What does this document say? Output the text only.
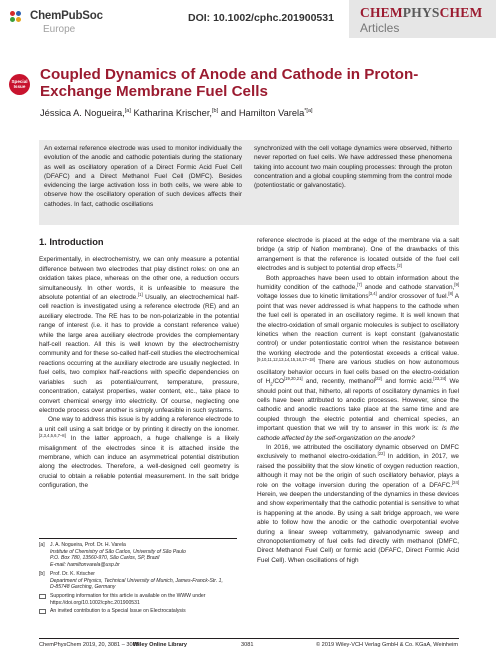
ChemPubSoc
Europe
DOI: 10.1002/cphc.201900531 CHEMPHYSCHEM
Articles
Special Issue
Coupled Dynamics of Anode and Cathode in Proton-Exchange Membrane Fuel Cells
Jéssica A. Nogueira,[a] Katharina Krischer,[b] and Hamilton Varela$^{*[a]}$
An external reference electrode was used to monitor individually the evolution of the anodic and cathodic potentials during the stationary as well as oscillatory operation of a Direct Formic Acid Fuel Cell (DFAFC) and a Direct Methanol Fuel Cell (DMFC). Besides evidencing the large activation loss in both cells, we were able to observe how the oscillatory operation of such devices affects their cathodes. In fact, cathodic oscillations
synchronized with the cell voltage dynamics were observed, hitherto never reported on fuel cells. We have addressed these phenomena taking into account two main coupling processes: through the proton concentration and a global coupling stemming from the control mode (potentiostatic or galvanostatic).
1. Introduction

Experimentally, in electrochemistry, we can only measure a potential difference between two electrodes that play distinct roles: on one an oxidation takes place, whereas on the other one, a reduction occurs simultaneously. In other words, it is unfeasible to measure the absolute potential of an electrode.[1] Usually, an electrochemical half-cell reaction is investigated using a reference electrode (RE) and an auxiliary electrode. The RE has to be non-polarizable in the potential range of interest (i.e. it has to provide a constant reference value) while the large area auxiliary electrode provides the complementary half-cell reaction. All this is well known by the electrochemistry community and for these so-called half-cell studies the electrochemical reactions occurring at the auxiliary electrode are usually neglected. In fuel cells, two complex half-reactions with specific dependencies on variables such as potential/current, temperature, pressure, concentration, catalyst properties, water content, etc., take place to convert chemical energy into electricity. Of course, neglecting one electrode process over another is simply unfeasible in such systems.

One way to address this issue is by adding a reference electrode to a unit cell using a salt bridge or by printing it directly on the ionomer.[2,3,4,5,6,7–8] In the latter approach, a huge challenge is a likely misalignment of the electrodes since it is attached inside the membrane, which can induce an asymmetrical potential distribution along the electrodes. Therefore, a well-designed cell geometry is crucial to obtain a reliable potential measurement. In the salt bridge configuration, the

reference electrode is placed at the edge of the membrane via a salt bridge (a strip of Nafion membrane). One of the drawbacks of this arrangement is that the reference is located outside of the fuel cell electrodes and is subject to potential drop effects.[2]

Both approaches have been used to obtain information about the humidity condition of the cathode,[7] anode and cathode starvation,[9] voltage losses due to kinetic limitations[3,4] and/or crossover of fuel.[8] A point that was never addressed is what happens to the cathode when the fuel cell is operated in an oscillatory regime. It is well known that the electro-oxidation of small organic molecules is subject to oscillatory kinetics when the reaction current is kept constant (galvanostatic control) or under potentiostatic control when the resistance between the working electrode and the potentiostat exceeds a critical value.[9,10,11,12,13,14,15,16,17–18] There are various studies on how autonomous oscillatory behavior occurs in fuel cells based on the electro-oxidation of $H_2/CO[19,20,21]$ and, recently, methanol[22] and formic acid.[23,24] We should point out that, hitherto, all reports of oscillatory dynamics in fuel cells have been attributed to anodic processes. However, since the cathodic and anodic reactions take place at the same time and are coupled through the electric potential and chemical species, an important question that we will try to answer in this work is: Is the cathode affected by the self-organization on the anode?

In 2016, we attributed the oscillatory dynamic observed on DMFC exclusively to methanol electro-oxidation.[22] In addition, in 2017, we raised the possibility that the slow kinetic of oxygen reduction reaction, although it may not be the origin of such oscillatory behavior, plays a role on the voltage inversion during the operation of a DFAFC.[24] Herein, we deepen the understanding of the dynamics in these devices and show experimentally that the cathodic potential is sensitive to what is happening at the anode. By using a salt bridge approach, we were able to follow how the anodic or the cathodic overpotential evolve during a linear sweep voltammetry, galvanodynamic sweep and chronopotentiometry of fuel cells fed directly with methanol (DMFC, Direct Methanol Fuel Cell) or formic acid (DFAFC, Direct Formic Acid Fuel Cell). When oscillations of high

[a] J. A. Nogueira, Prof. Dr. H. Varela
Institute of Chemistry of São Carlos, University of São Paulo
P.O. Box 780, 13560-970, São Carlos, SP, Brazil
E-mail: hamiltonvarela@usp.br
[b] Prof. Dr. K. Krischer
Department of Physics, Technical University of Munich, James-Franck-Str. 1,
D-85748 Garching, Germany
Supporting information for this article is available on the WWW under
https://doi.org/10.1002/cphc.201900531
An invited contribution to a Special Issue on Electrocatalysis
ChemPhysChem 2019, 20, 3081 – 3088
Wiley Online Library	3081	© 2019 Wiley-VCH Verlag GmbH & Co. KGaA, Weinheim
